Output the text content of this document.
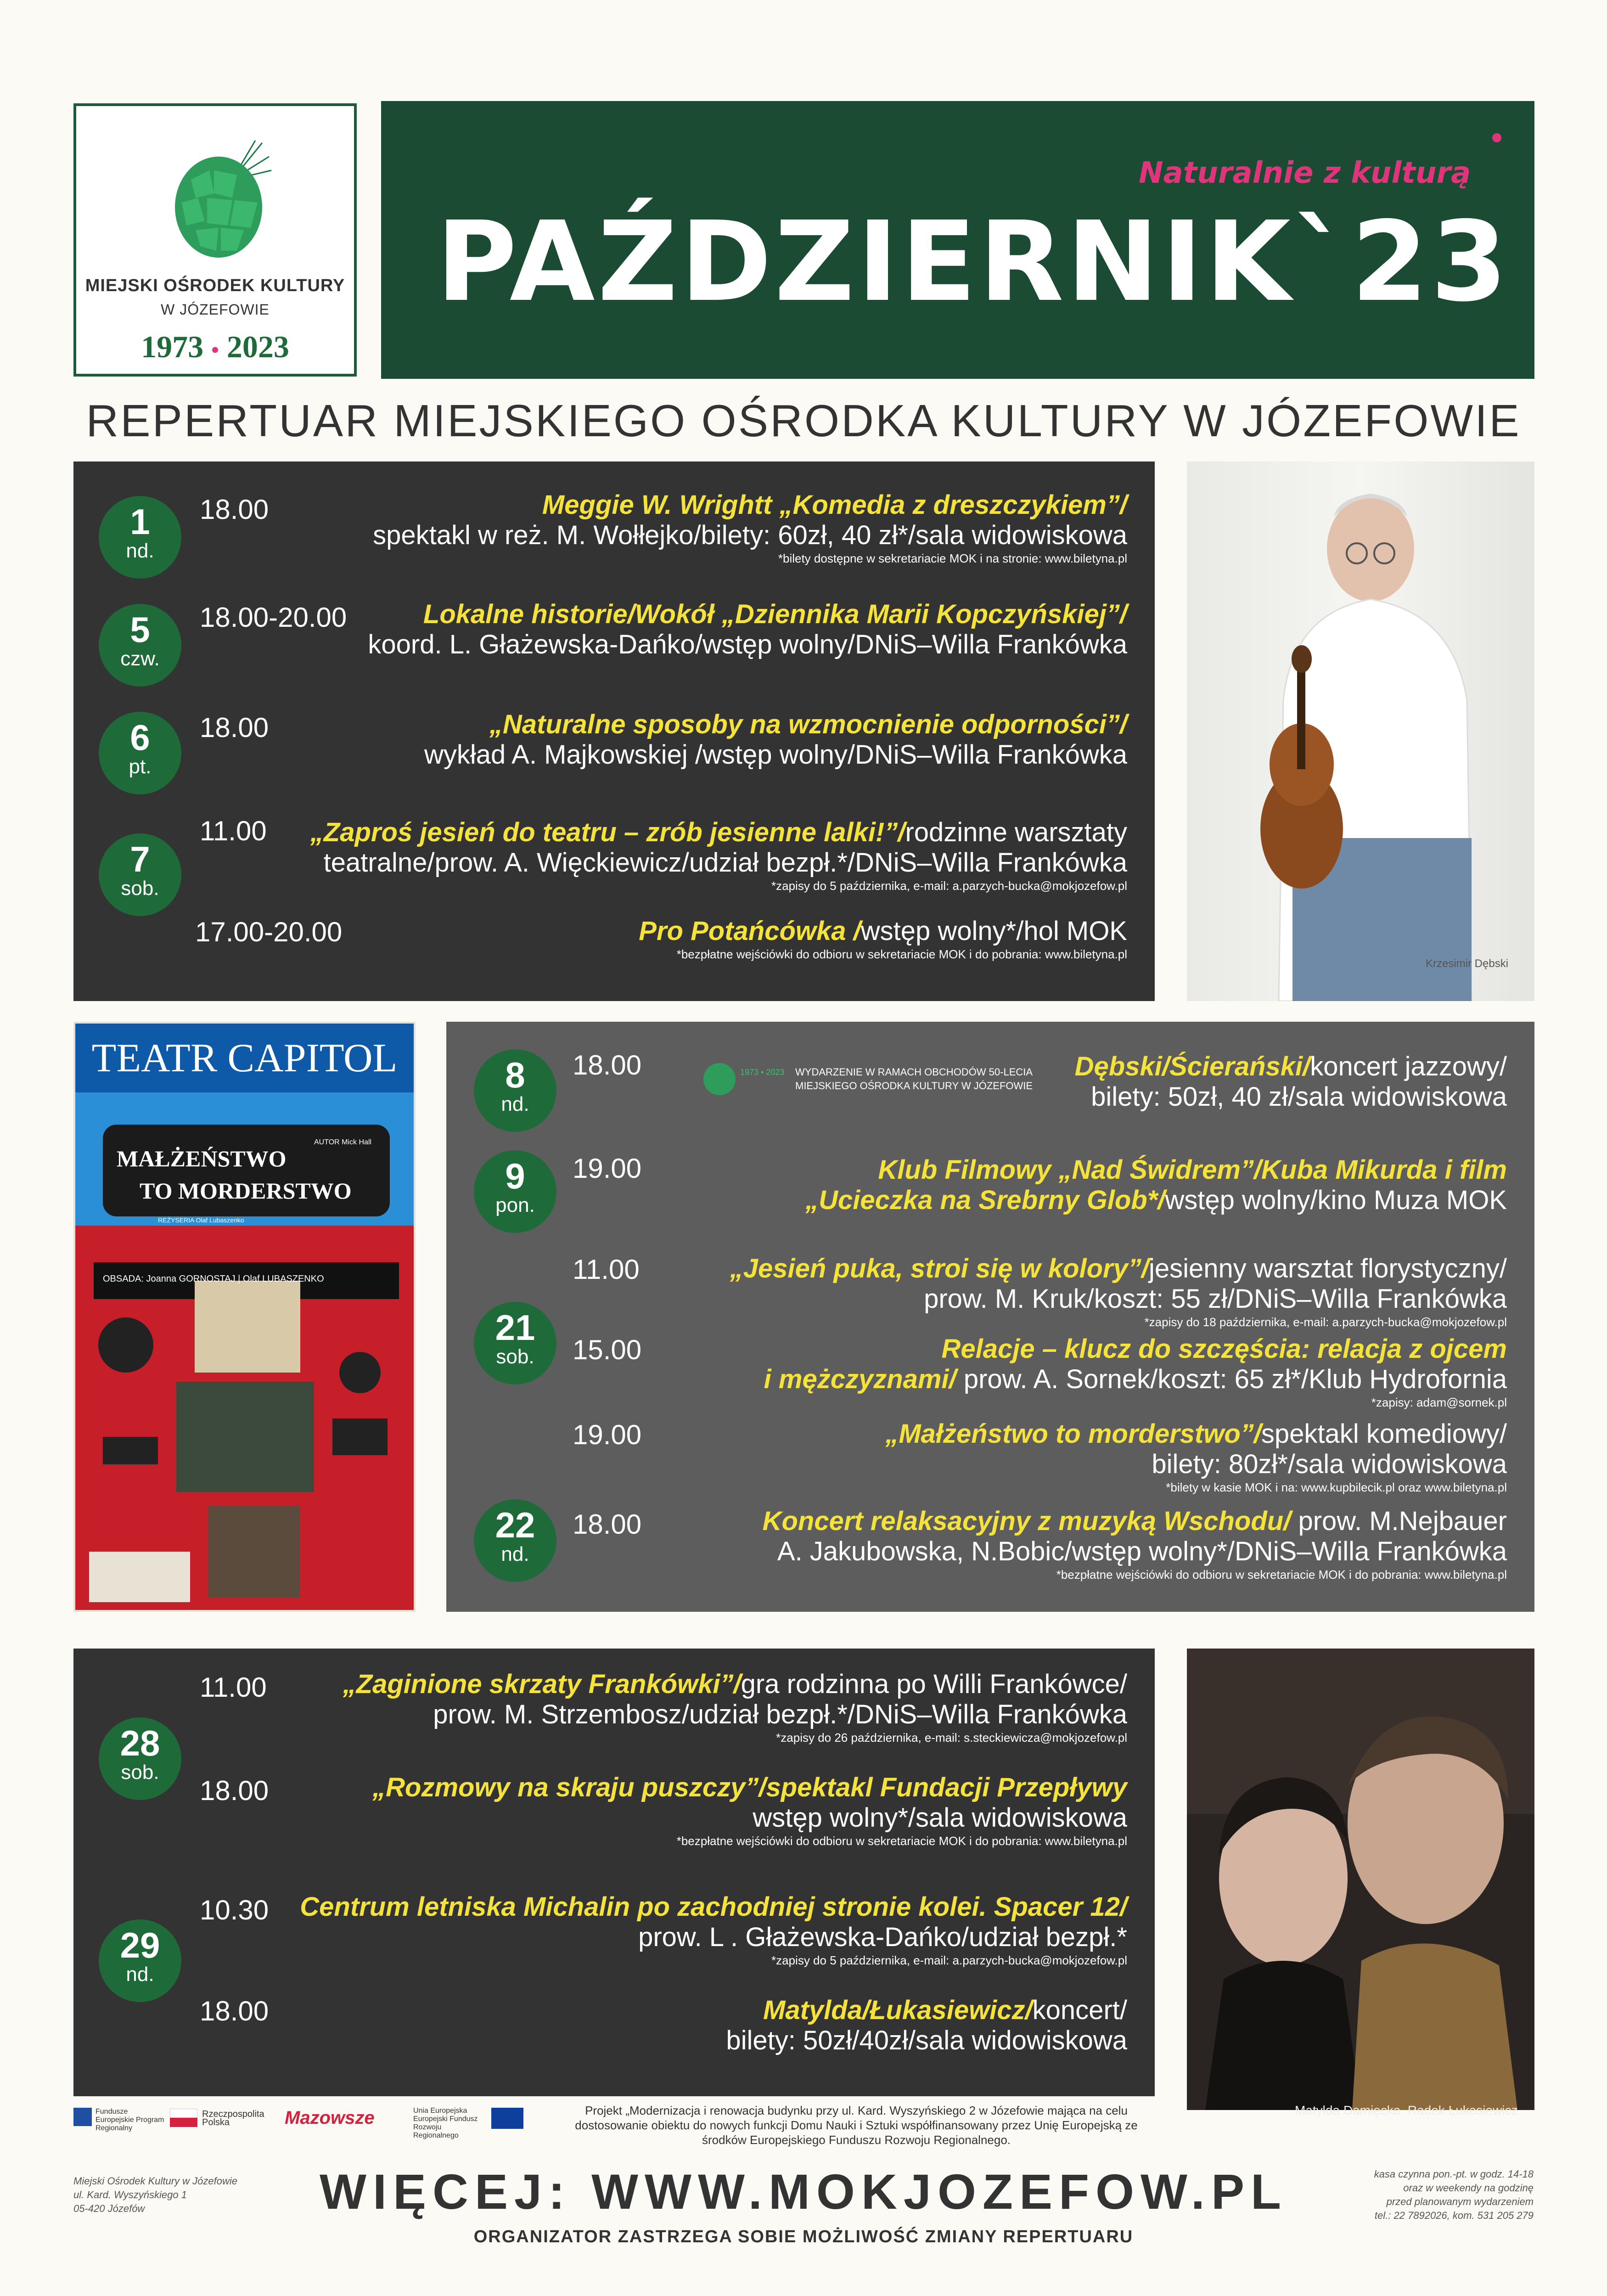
MIEJSKI OŚRODEK KULTURY
W JÓZEFOWIE
1973 • 2023
Naturalnie z kulturą
PAŹDZIERNIK`23
REPERTUAR MIEJSKIEGO OŚRODKA KULTURY W JÓZEFOWIE
1
nd.
18.00	Meggie W. Wrightt „Komedia z dreszczykiem”/
spektakl w reż. M. Wołłejko/bilety: 60zł, 40 zł*/sala widowiskowa
*bilety dostępne w sekretariacie MOK i na stronie: www.biletyna.pl
5
czw.
18.00-20.00	Lokalne historie/Wokół „Dziennika Marii Kopczyńskiej”/
koord. L. Głażewska-Dańko/wstęp wolny/DNiS–Willa Frankówka
6
pt.
18.00	„Naturalne sposoby na wzmocnienie odporności”/
wykład A. Majkowskiej /wstęp wolny/DNiS–Willa Frankówka
7
sob.
11.00 „Zaproś jesień do teatru – zrób jesienne lalki!”/rodzinne warsztaty
teatralne/prow. A. Więckiewicz/udział bezpł.*/DNiS–Willa Frankówka
*zapisy do 5 października, e-mail: a.parzych-bucka@mokjozefow.pl
17.00-20.00	Pro Potańcówka /wstęp wolny*/hol MOK
*bezpłatne wejściówki do odbioru w sekretariacie MOK i do pobrania: www.biletyna.pl
Krzesimir Dębski
TEATR CAPITOL
MAŁŻEŃSTWO
TO MORDERSTWO
AUTOR Mick Hall
REŻYSERIA Olaf Lubaszenko
OBSADA: Joanna GORNOSTAJ | Olaf LUBASZENKO
1973 • 2023 WYDARZENIE W RAMACH OBCHODÓW 50-LECIA
MIEJSKIEGO OŚRODKA KULTURY W JÓZEFOWIE
8
nd.
18.00	Dębski/Ścierański/koncert jazzowy/
bilety: 50zł, 40 zł/sala widowiskowa
9
pon.
19.00	Klub Filmowy „Nad Świdrem”/Kuba Mikurda i film
„Ucieczka na Srebrny Glob*/wstęp wolny/kino Muza MOK
21
sob.
11.00	„Jesień puka, stroi się w kolory”/jesienny warsztat florystyczny/
prow. M. Kruk/koszt: 55 zł/DNiS–Willa Frankówka
*zapisy do 18 października, e-mail: a.parzych-bucka@mokjozefow.pl
15.00	Relacje – klucz do szczęścia: relacja z ojcem
i mężczyznami/ prow. A. Sornek/koszt: 65 zł*/Klub Hydrofornia
*zapisy: adam@sornek.pl
19.00	„Małżeństwo to morderstwo”/spektakl komediowy/
bilety: 80zł*/sala widowiskowa
*bilety w kasie MOK i na: www.kupbilecik.pl oraz www.biletyna.pl
22
nd.
18.00	Koncert relaksacyjny z muzyką Wschodu/ prow. M.Nejbauer
A. Jakubowska, N.Bobic/wstęp wolny*/DNiS–Willa Frankówka
*bezpłatne wejściówki do odbioru w sekretariacie MOK i do pobrania: www.biletyna.pl
28
sob.
11.00	„Zaginione skrzaty Frankówki”/gra rodzinna po Willi Frankówce/
prow. M. Strzembosz/udział bezpł.*/DNiS–Willa Frankówka
*zapisy do 26 października, e-mail: s.steckiewicza@mokjozefow.pl
18.00	„Rozmowy na skraju puszczy”/spektakl Fundacji Przepływy
wstęp wolny*/sala widowiskowa
*bezpłatne wejściówki do odbioru w sekretariacie MOK i do pobrania: www.biletyna.pl
29
nd.
10.30 Centrum letniska Michalin po zachodniej stronie kolei. Spacer 12/
prow. L . Głażewska-Dańko/udział bezpł.*
*zapisy do 5 października, e-mail: a.parzych-bucka@mokjozefow.pl
18.00	Matylda/Łukasiewicz/koncert/
bilety: 50zł/40zł/sala widowiskowa
Matylda Damięcka. Radek Łukasiewicz
Fundusze Europejskie Program Regionalny
Rzeczpospolita Polska	Mazowsze	Unia Europejska Europejski Fundusz Rozwoju Regionalnego
Projekt „Modernizacja i renowacja budynku przy ul. Kard. Wyszyńskiego 2 w Józefowie mająca na celu dostosowanie obiektu do nowych funkcji Domu Nauki i Sztuki współfinansowany przez Unię Europejską ze środków Europejskiego Funduszu Rozwoju Regionalnego.
Miejski Ośrodek Kultury w Józefowie
ul. Kard. Wyszyńskiego 1
05-420 Józefów	WIĘCEJ: WWW.MOKJOZEFOW.PL
ORGANIZATOR ZASTRZEGA SOBIE MOŻLIWOŚĆ ZMIANY REPERTUARU
kasa czynna pon.-pt. w godz. 14-18
oraz w weekendy na godzinę
przed planowanym wydarzeniem
tel.: 22 7892026, kom. 531 205 279
